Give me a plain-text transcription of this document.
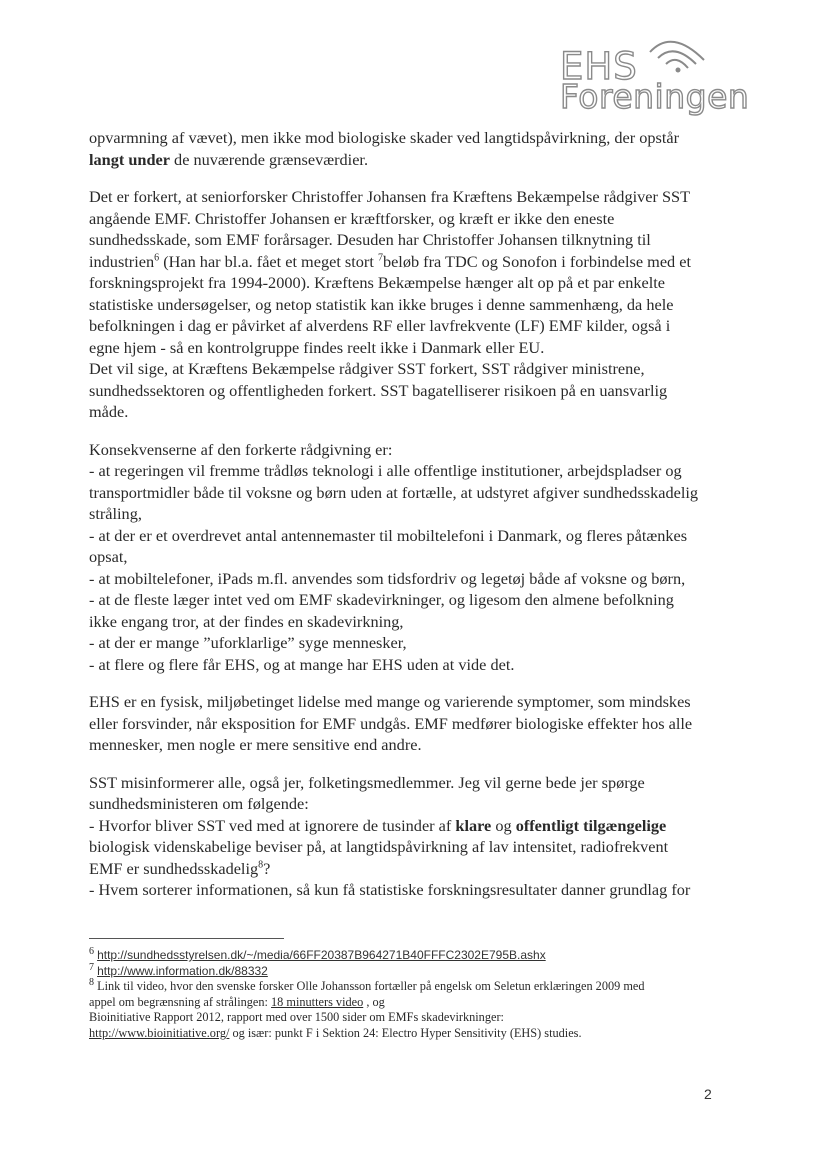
EHS
Foreningen
opvarmning af vævet), men ikke mod biologiske skader ved langtidspåvirkning, der opstår
langt under de nuværende grænseværdier.
Det er forkert, at seniorforsker Christoffer Johansen fra Kræftens Bekæmpelse rådgiver SST
angående EMF. Christoffer Johansen er kræftforsker, og kræft er ikke den eneste
sundhedsskade, som EMF forårsager. Desuden har Christoffer Johansen tilknytning til
industrien$^6$ (Han har bl.a. fået et meget stort $^7$beløb fra TDC og Sonofon i forbindelse med et
forskningsprojekt fra 1994-2000). Kræftens Bekæmpelse hænger alt op på et par enkelte
statistiske undersøgelser, og netop statistik kan ikke bruges i denne sammenhæng, da hele
befolkningen i dag er påvirket af alverdens RF eller lavfrekvente (LF) EMF kilder, også i
egne hjem - så en kontrolgruppe findes reelt ikke i Danmark eller EU.
Det vil sige, at Kræftens Bekæmpelse rådgiver SST forkert, SST rådgiver ministrene,
sundhedssektoren og offentligheden forkert. SST bagatelliserer risikoen på en uansvarlig
måde.
Konsekvenserne af den forkerte rådgivning er:
- at regeringen vil fremme trådløs teknologi i alle offentlige institutioner, arbejdspladser og
transportmidler både til voksne og børn uden at fortælle, at udstyret afgiver sundhedsskadelig
stråling,
- at der er et overdrevet antal antennemaster til mobiltelefoni i Danmark, og fleres påtænkes
opsat,
- at mobiltelefoner, iPads m.fl. anvendes som tidsfordriv og legetøj både af voksne og børn,
- at de fleste læger intet ved om EMF skadevirkninger, og ligesom den almene befolkning
ikke engang tror, at der findes en skadevirkning,
- at der er mange ”uforklarlige” syge mennesker,
- at flere og flere får EHS, og at mange har EHS uden at vide det.
EHS er en fysisk, miljøbetinget lidelse med mange og varierende symptomer, som mindskes
eller forsvinder, når eksposition for EMF undgås. EMF medfører biologiske effekter hos alle
mennesker, men nogle er mere sensitive end andre.
SST misinformerer alle, også jer, folketingsmedlemmer. Jeg vil gerne bede jer spørge
sundhedsministeren om følgende:
- Hvorfor bliver SST ved med at ignorere de tusinder af klare og offentligt tilgængelige
biologisk videnskabelige beviser på, at langtidspåvirkning af lav intensitet, radiofrekvent
EMF er sundhedsskadelig$^8$?
- Hvem sorterer informationen, så kun få statistiske forskningsresultater danner grundlag for
$^6$ http://sundhedsstyrelsen.dk/~/media/66FF20387B964271B40FFFC2302E795B.ashx
$^7$ http://www.information.dk/88332
$^8$ Link til video, hvor den svenske forsker Olle Johansson fortæller på engelsk om Seletun erklæringen 2009 med
appel om begrænsning af strålingen: 18 minutters video , og
Bioinitiative Rapport 2012, rapport med over 1500 sider om EMFs skadevirkninger:
http://www.bioinitiative.org/ og især: punkt F i Sektion 24: Electro Hyper Sensitivity (EHS) studies.
2
